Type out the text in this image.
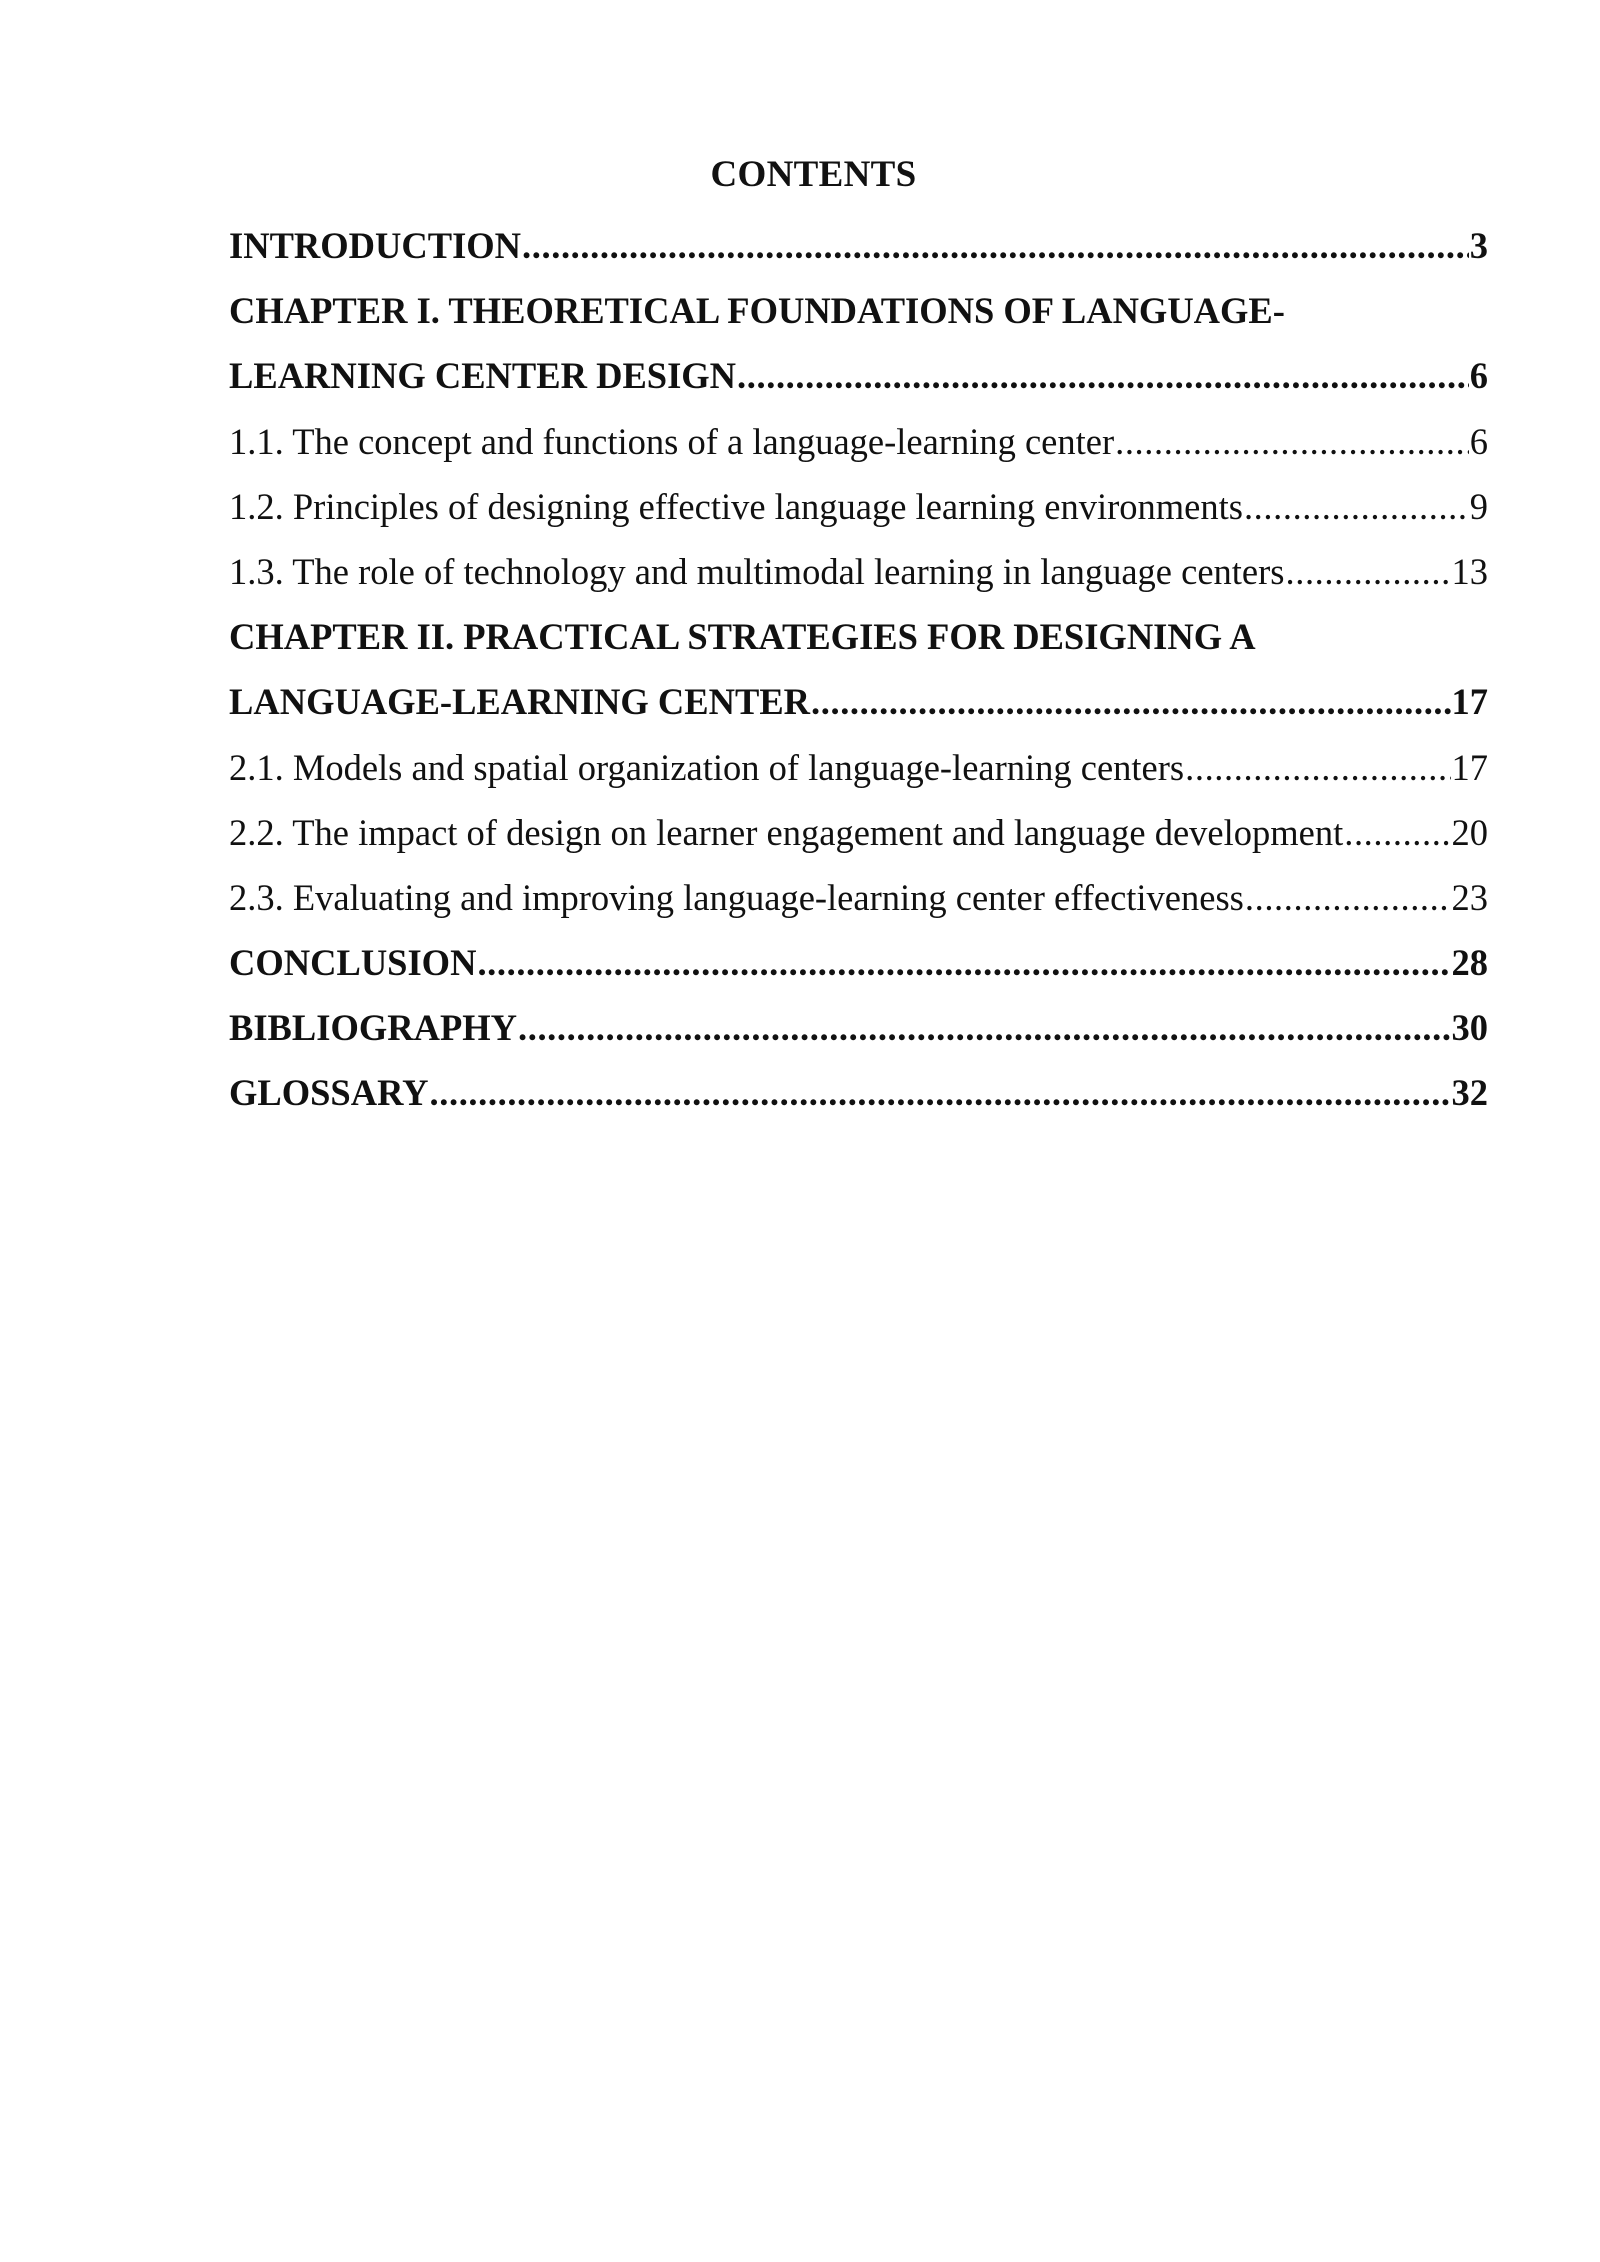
CONTENTS
INTRODUCTION .....	3
CHAPTER I. THEORETICAL FOUNDATIONS OF LANGUAGE-
LEARNING CENTER DESIGN .....	6
1.1. The concept and functions of a language-learning center .....	6
1.2. Principles of designing effective language learning environments .....	9
1.3. The role of technology and multimodal learning in language centers .....	13
CHAPTER II. PRACTICAL STRATEGIES FOR DESIGNING A
LANGUAGE-LEARNING CENTER .....	17
2.1. Models and spatial organization of language-learning centers .....	17
2.2. The impact of design on learner engagement and language development .....	20
2.3. Evaluating and improving language-learning center effectiveness .....	23
CONCLUSION .....	28
BIBLIOGRAPHY .....	30
GLOSSARY .....	32
